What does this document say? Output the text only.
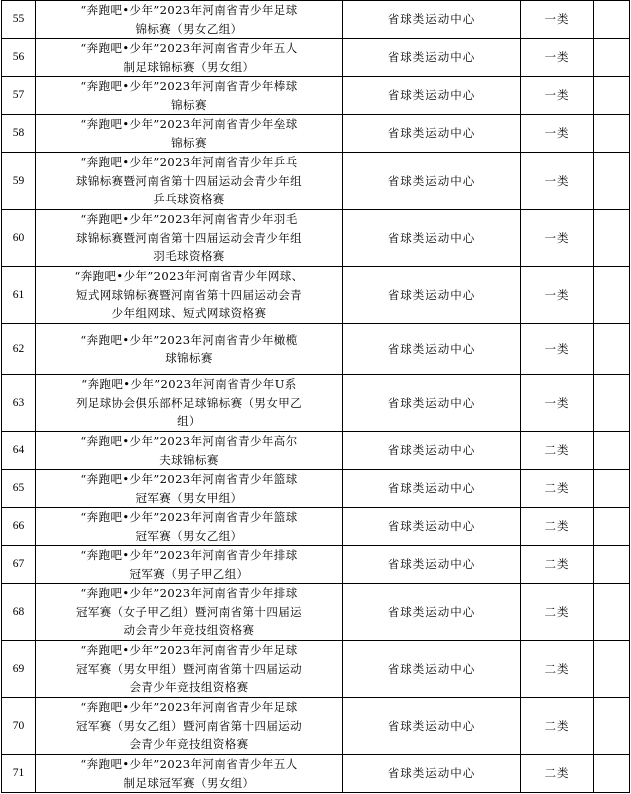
55	“奔跑吧•少年”2023年河南省青少年足球
锦标赛（男女乙组）	省球类运动中心	一类	
56	“奔跑吧•少年”2023年河南省青少年五人
制足球锦标赛（男女组）	省球类运动中心	一类	
57	“奔跑吧•少年”2023年河南省青少年棒球
锦标赛	省球类运动中心	一类	
58	“奔跑吧•少年”2023年河南省青少年垒球
锦标赛	省球类运动中心	一类	
59	“奔跑吧•少年”2023年河南省青少年乒乓
球锦标赛暨河南省第十四届运动会青少年组
乒乓球资格赛	省球类运动中心	一类	
60	“奔跑吧•少年”2023年河南省青少年羽毛
球锦标赛暨河南省第十四届运动会青少年组
羽毛球资格赛	省球类运动中心	一类	
61	“奔跑吧•少年”2023年河南省青少年网球、
短式网球锦标赛暨河南省第十四届运动会青
少年组网球、短式网球资格赛	省球类运动中心	一类	
62	“奔跑吧•少年”2023年河南省青少年橄榄
球锦标赛	省球类运动中心	一类	
63	“奔跑吧•少年”2023年河南省青少年U系
列足球协会俱乐部杯足球锦标赛（男女甲乙
组）	省球类运动中心	一类	
64	“奔跑吧•少年”2023年河南省青少年高尔
夫球锦标赛	省球类运动中心	二类	
65	“奔跑吧•少年”2023年河南省青少年篮球
冠军赛（男女甲组）	省球类运动中心	二类	
66	“奔跑吧•少年”2023年河南省青少年篮球
冠军赛（男女乙组）	省球类运动中心	二类	
67	“奔跑吧•少年”2023年河南省青少年排球
冠军赛（男子甲乙组）	省球类运动中心	二类	
68	“奔跑吧•少年”2023年河南省青少年排球
冠军赛（女子甲乙组）暨河南省第十四届运
动会青少年竞技组资格赛	省球类运动中心	二类	
69	“奔跑吧•少年”2023年河南省青少年足球
冠军赛（男女甲组）暨河南省第十四届运动
会青少年竞技组资格赛	省球类运动中心	二类	
70	“奔跑吧•少年”2023年河南省青少年足球
冠军赛（男女乙组）暨河南省第十四届运动
会青少年竞技组资格赛	省球类运动中心	二类	
71	“奔跑吧•少年”2023年河南省青少年五人
制足球冠军赛（男女组）	省球类运动中心	二类	
